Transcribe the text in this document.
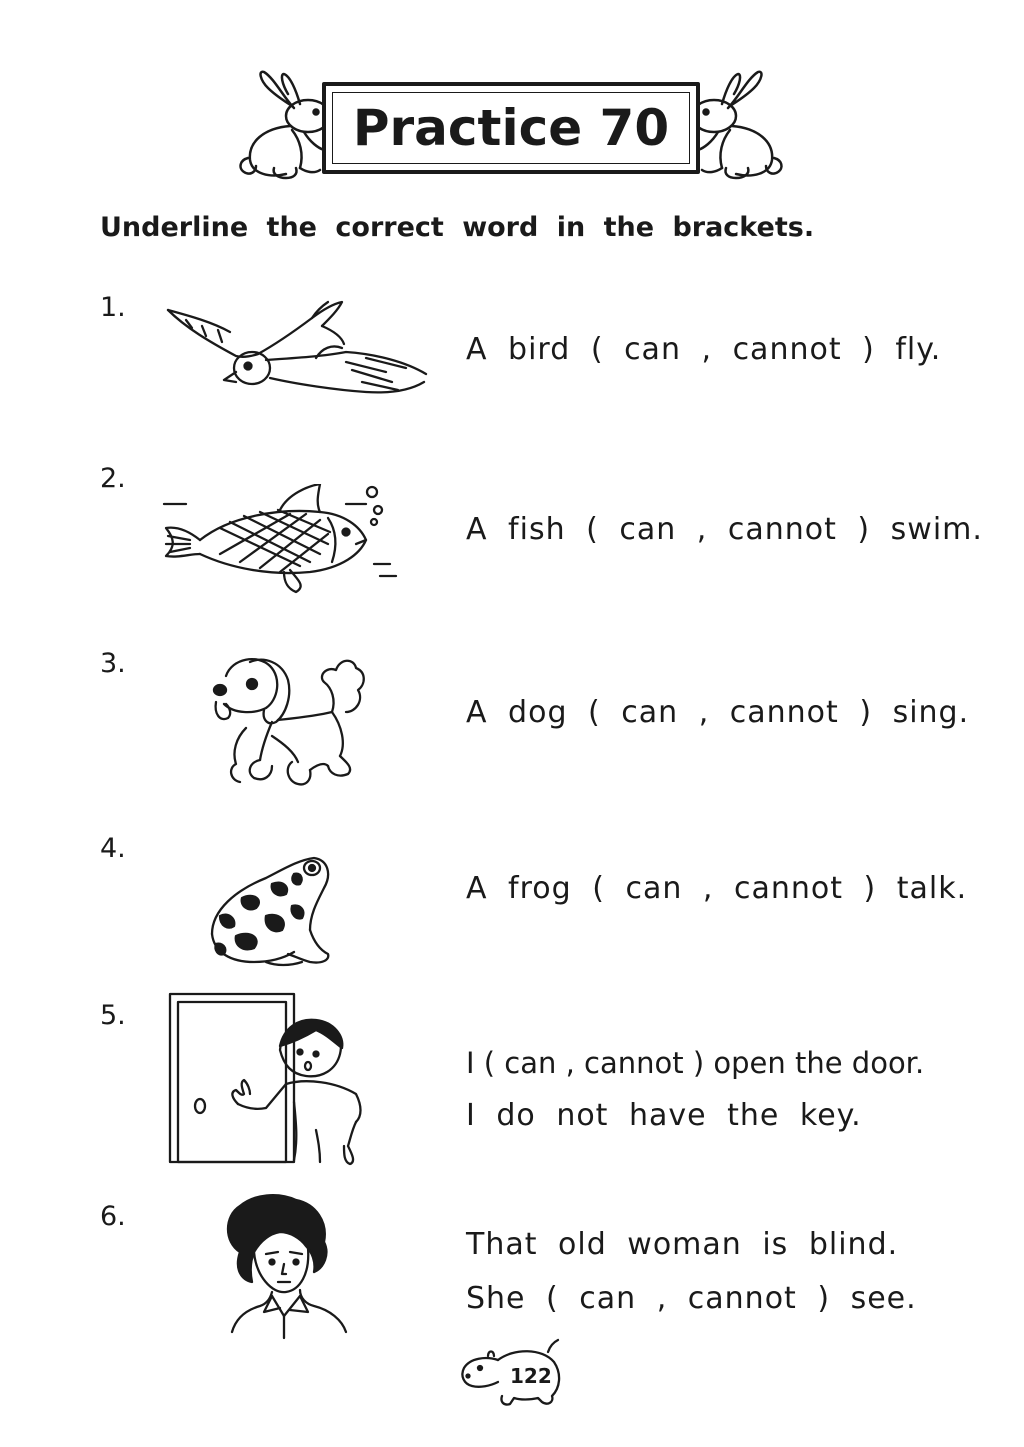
Practice 70
Underline the correct word in the brackets.
1.
A bird ( can , cannot ) fly.
2.
A fish ( can , cannot ) swim.
3.
A dog ( can , cannot ) sing.
4.
A frog ( can , cannot ) talk.
5.
I ( can , cannot ) open the door.
I do not have the key.
6.
That old woman is blind.
She ( can , cannot ) see.
122
